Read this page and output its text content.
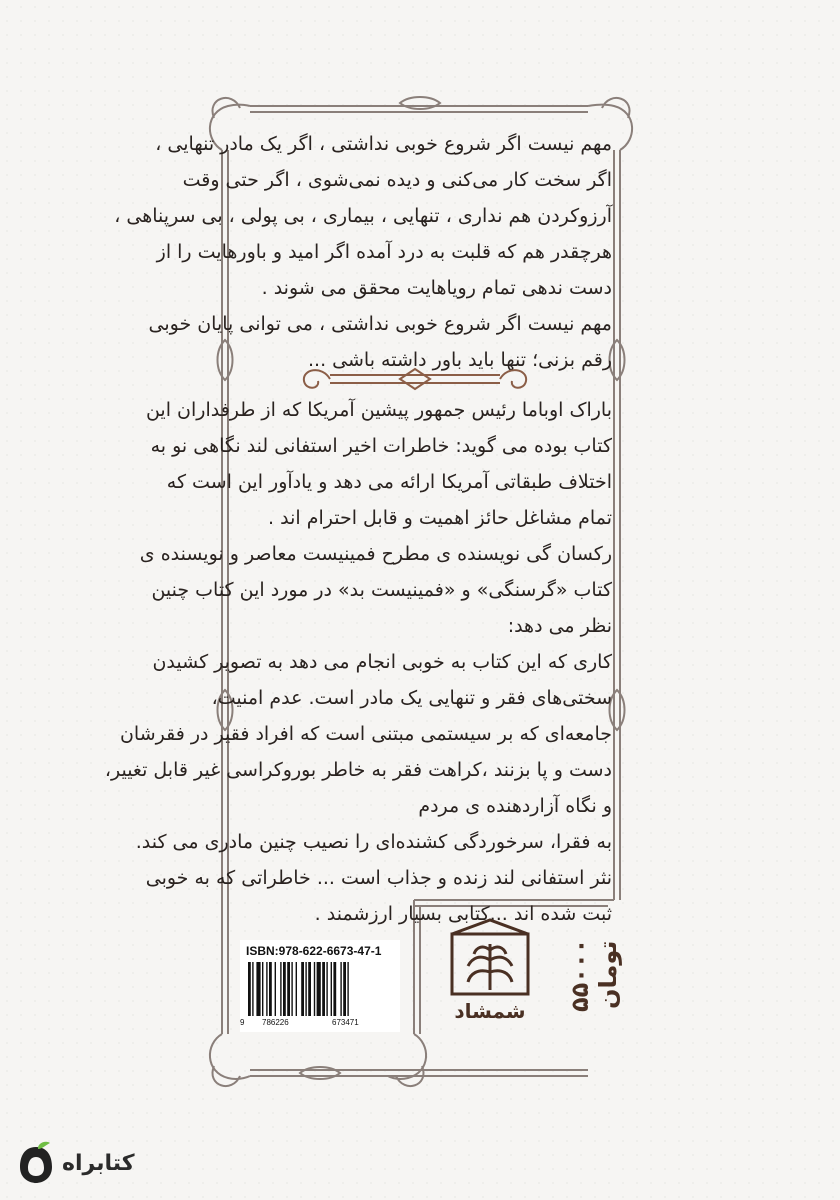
مهم نیست اگر شروع خوبی نداشتی ، اگر یک مادر تنهایی ،
اگر سخت کار می‌کنی و دیده نمی‌شوی ، اگر حتی وقت
آرزوکردن هم نداری ، تنهایی ، بیماری ، بی پولی ، بی سرپناهی ،
هرچقدر هم که قلبت به درد آمده اگر امید و باورهایت را از
دست ندهی تمام رویاهایت محقق می شوند .
مهم نیست اگر شروع خوبی نداشتی ، می توانی پایان خوبی
رقم بزنی؛ تنها باید باور داشته باشی ...
باراک اوباما رئیس جمهور پیشین آمریکا که از طرفداران این
کتاب بوده می گوید: خاطرات اخیر استفانی لند نگاهی نو به
اختلاف طبقاتی آمریکا ارائه می دهد و یادآور این است که
تمام مشاغل حائز اهمیت و قابل احترام اند .
رکسان گی نویسنده ی مطرح فمینیست معاصر و نویسنده ی
کتاب «گرسنگی» و «فمینیست بد» در مورد این کتاب چنین
نظر می دهد:
کاری که این کتاب به خوبی انجام می دهد به تصویر کشیدن
سختی‌های فقر و تنهایی یک مادر است. عدم امنیت،
جامعه‌ای که بر سیستمی مبتنی است که افراد فقیر در فقرشان
دست و پا بزنند ،کراهت فقر به خاطر بوروکراسی غیر قابل تغییر،
و نگاه آزاردهنده ی مردم
به فقرا، سرخوردگی کشنده‌ای را نصیب چنین مادری می کند.
نثر استفانی لند زنده و جذاب است ... خاطراتی که به خوبی
ثبت شده اند ...کتابی بسیار ارزشمند .
ISBN:978-622-6673-47-1
9 786226	673471	شمشاد ۵۵۰۰۰ تومان
کتابراه
